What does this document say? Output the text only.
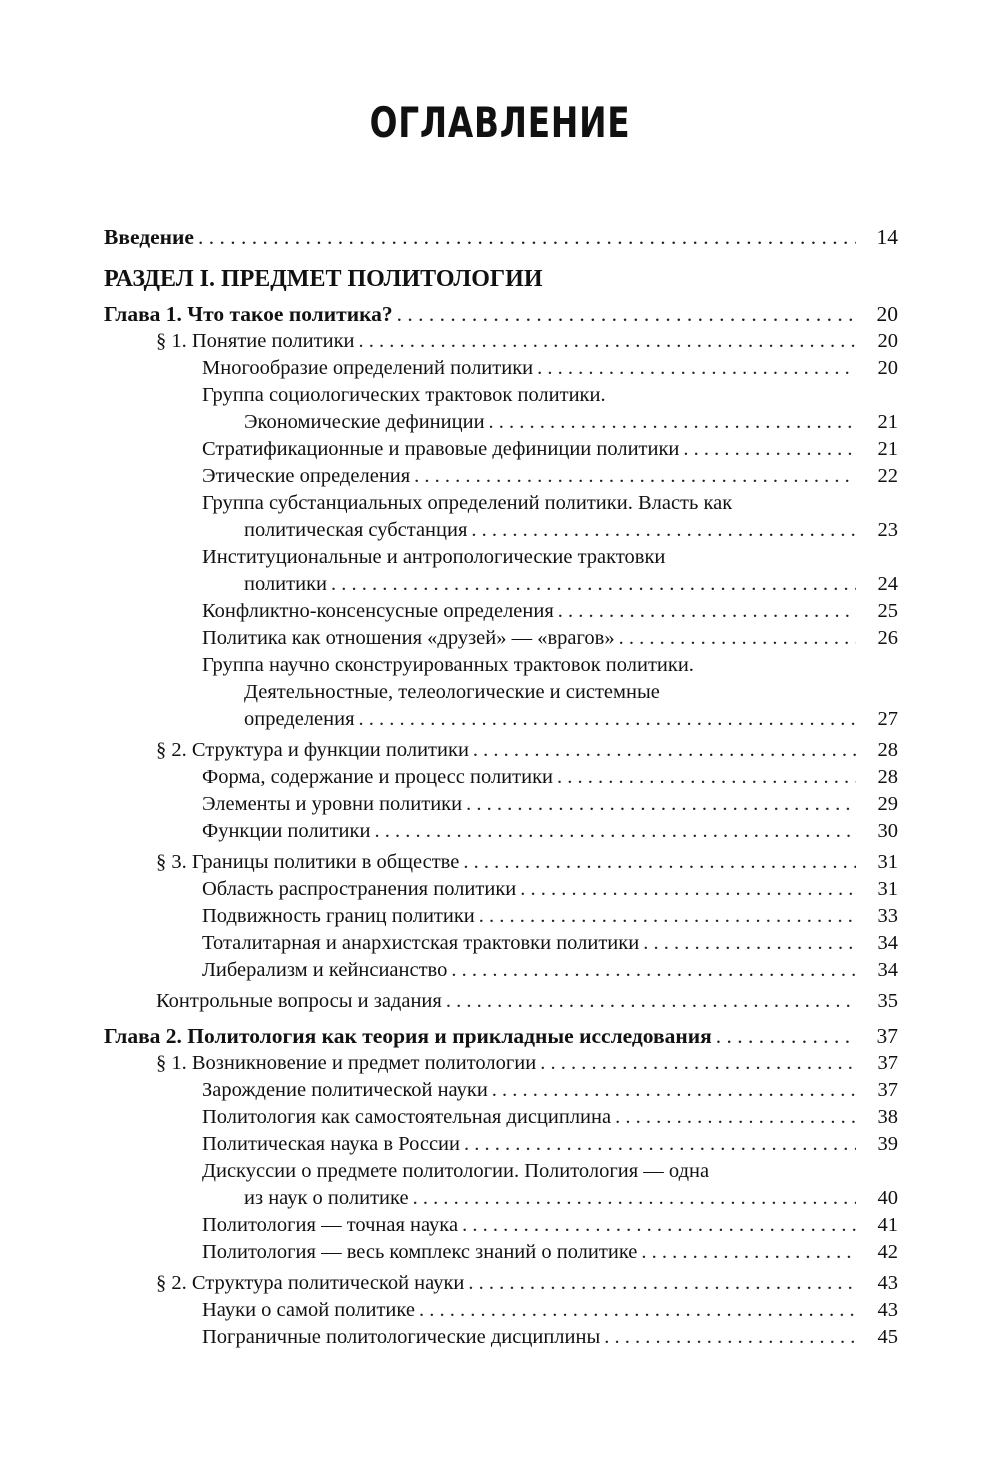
ОГЛАВЛЕНИЕ
Введение . . .	14
РАЗДЕЛ I. ПРЕДМЕТ ПОЛИТОЛОГИИ
Глава 1. Что такое политика? . . .	20
§ 1. Понятие политики . . .	20
Многообразие определений политики . . .	20
Группа социологических трактовок политики.
Экономические дефиниции . . .	21
Стратификационные и правовые дефиниции политики . . .	21
Этические определения . . .	22
Группа субстанциальных определений политики. Власть как
политическая субстанция . . .	23
Институциональные и антропологические трактовки
политики . . .	24
Конфликтно-консенсусные определения . . .	25
Политика как отношения «друзей» — «врагов» . . .	26
Группа научно сконструированных трактовок политики.
Деятельностные, телеологические и системные
определения . . .	27
§ 2. Структура и функции политики . . .	28
Форма, содержание и процесс политики . . .	28
Элементы и уровни политики . . .	29
Функции политики . . .	30
§ 3. Границы политики в обществе . . .	31
Область распространения политики . . .	31
Подвижность границ политики . . .	33
Тоталитарная и анархистская трактовки политики . . .	34
Либерализм и кейнсианство . . .	34
Контрольные вопросы и задания . . .	35
Глава 2. Политология как теория и прикладные исследования . . .	37
§ 1. Возникновение и предмет политологии . . .	37
Зарождение политической науки . . .	37
Политология как самостоятельная дисциплина . . .	38
Политическая наука в России . . .	39
Дискуссии о предмете политологии. Политология — одна
из наук о политике . . .	40
Политология — точная наука . . .	41
Политология — весь комплекс знаний о политике . . .	42
§ 2. Структура политической науки . . .	43
Науки о самой политике . . .	43
Пограничные политологические дисциплины . . .	45
